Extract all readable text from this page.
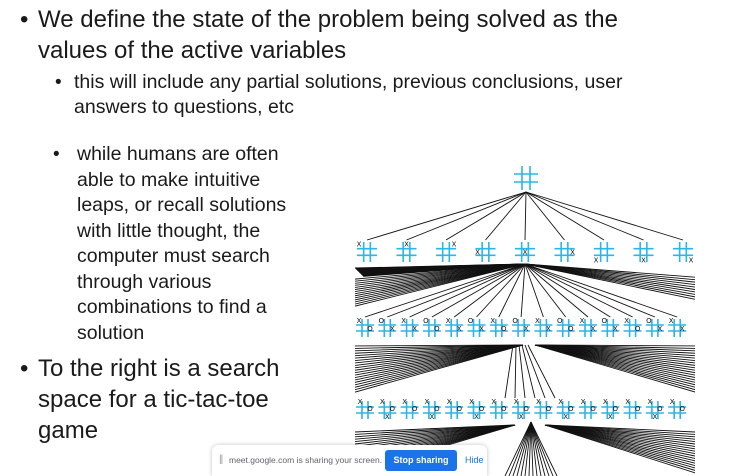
• We define the state of the problem being solved as the
values of the active variables
• this will include any partial solutions, previous conclusions, user
answers to questions, etc
• while humans are often
able to make intuitive
leaps, or recall solutions
with little thought, the
computer must search
through various
combinations to find a
solution
• To the right is a search
space for a tic-tac-toe
game
X	X	X
X	X	X
X	X	X
X
O
O
X
X
X
O
O
X
X
O
X
X
O
O
X
X
X
O
O
X
X
O
X
X
O
O
X
X
X
X
O
X
O
X
X
O
X
O
X
X
O
X
O
X
X
O
X
O
X
X
O
X
O
X
X
O
X
O
X
X
O
X
O
X
X
O
|| meet.google.com is sharing your screen.	Stop sharing	Hide
